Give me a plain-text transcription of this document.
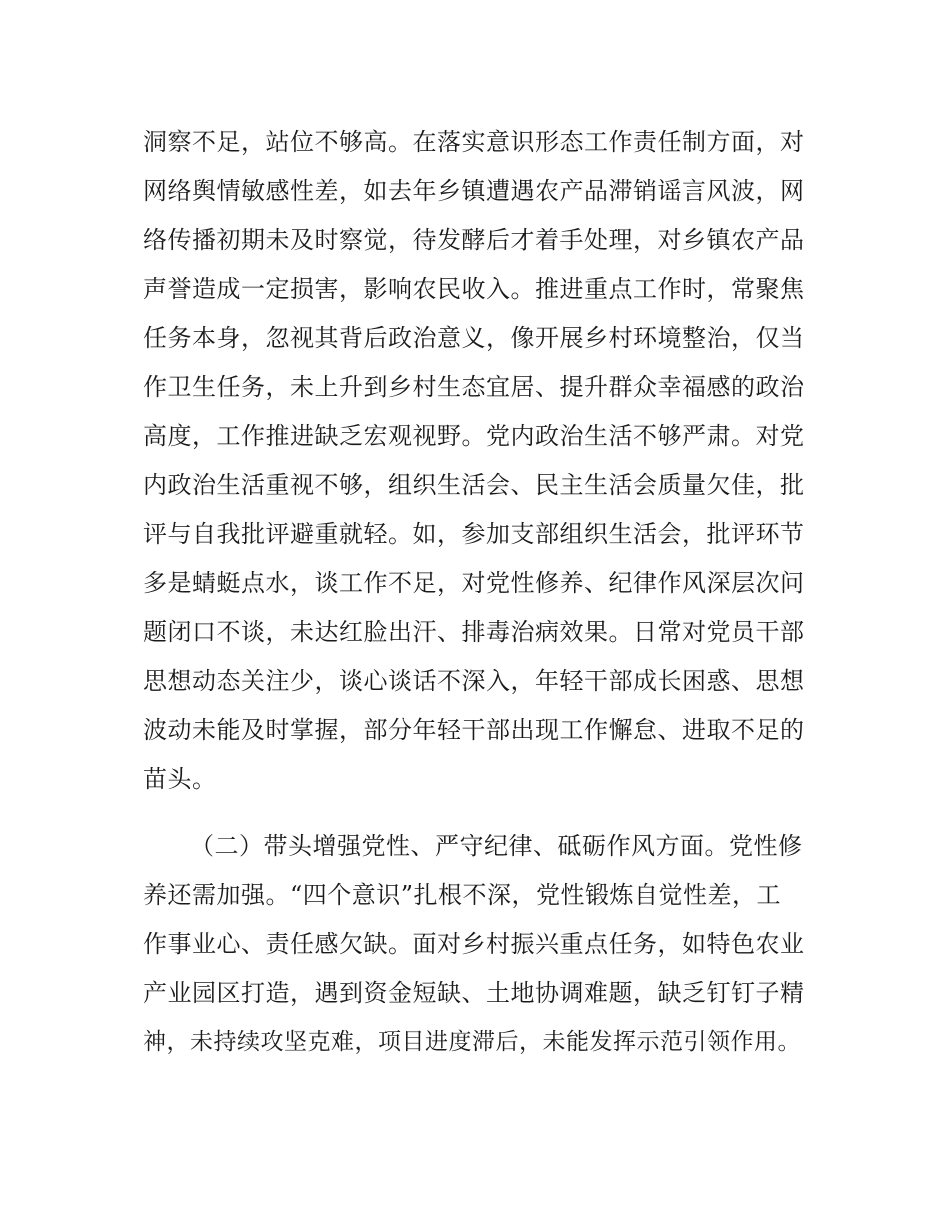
洞察不足，站位不够高。在落实意识形态工作责任制方面，对
网络舆情敏感性差，如去年乡镇遭遇农产品滞销谣言风波，网
络传播初期未及时察觉，待发酵后才着手处理，对乡镇农产品
声誉造成一定损害，影响农民收入。推进重点工作时，常聚焦
任务本身，忽视其背后政治意义，像开展乡村环境整治，仅当
作卫生任务，未上升到乡村生态宜居、提升群众幸福感的政治
高度，工作推进缺乏宏观视野。党内政治生活不够严肃。对党
内政治生活重视不够，组织生活会、民主生活会质量欠佳，批
评与自我批评避重就轻。如，参加支部组织生活会，批评环节
多是蜻蜓点水，谈工作不足，对党性修养、纪律作风深层次问
题闭口不谈，未达红脸出汗、排毒治病效果。日常对党员干部
思想动态关注少，谈心谈话不深入，年轻干部成长困惑、思想
波动未能及时掌握，部分年轻干部出现工作懈怠、进取不足的
苗头。
（二）带头增强党性、严守纪律、砥砺作风方面。党性修
养还需加强。“四个意识”扎根不深，党性锻炼自觉性差，工
作事业心、责任感欠缺。面对乡村振兴重点任务，如特色农业
产业园区打造，遇到资金短缺、土地协调难题，缺乏钉钉子精
神，未持续攻坚克难，项目进度滞后，未能发挥示范引领作用。
